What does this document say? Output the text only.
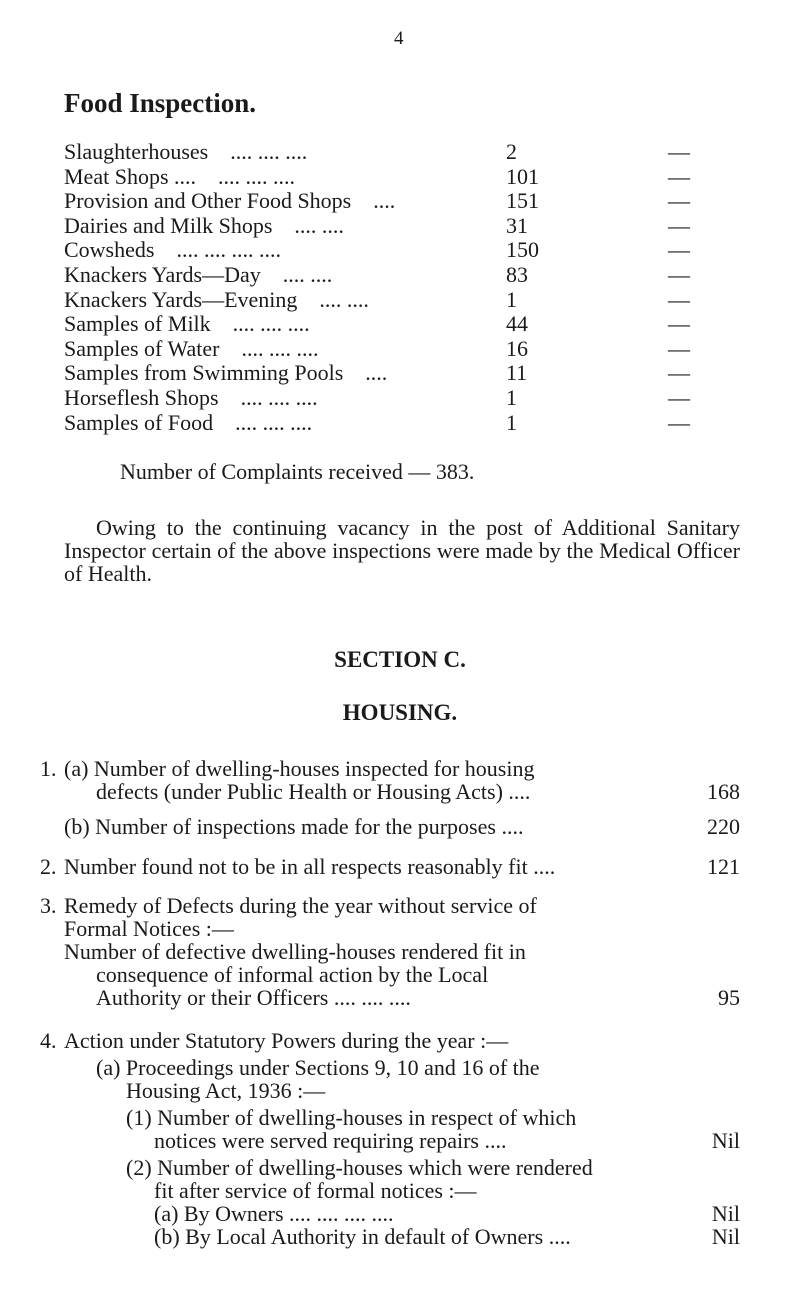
4
Food Inspection.
Slaughterhouses .... .... ....	2	—
Meat Shops .... .... .... ....	101	—
Provision and Other Food Shops ....	151	—
Dairies and Milk Shops .... ....	31	—
Cowsheds .... .... .... ....	150	—
Knackers Yards—Day .... ....	83	—
Knackers Yards—Evening .... ....	1	—
Samples of Milk .... .... ....	44	—
Samples of Water .... .... ....	16	—
Samples from Swimming Pools ....	11	—
Horseflesh Shops .... .... ....	1	—
Samples of Food .... .... ....	1	—
Number of Complaints received — 383.
Owing to the continuing vacancy in the post of Additional Sanitary Inspector certain of the above inspections were made by the Medical Officer of Health.
SECTION C.
HOUSING.
1. (a) Number of dwelling-houses inspected for housing
defects (under Public Health or Housing Acts) ....	168
(b) Number of inspections made for the purposes ....	220
2. Number found not to be in all respects reasonably fit ....	121
3. Remedy of Defects during the year without service of
Formal Notices :—
Number of defective dwelling-houses rendered fit in
consequence of informal action by the Local
Authority or their Officers .... .... ....	95
4. Action under Statutory Powers during the year :—
(a) Proceedings under Sections 9, 10 and 16 of the
Housing Act, 1936 :—
(1) Number of dwelling-houses in respect of which
notices were served requiring repairs ....	Nil
(2) Number of dwelling-houses which were rendered
fit after service of formal notices :—
(a) By Owners .... .... .... ....	Nil
(b) By Local Authority in default of Owners ....	Nil
